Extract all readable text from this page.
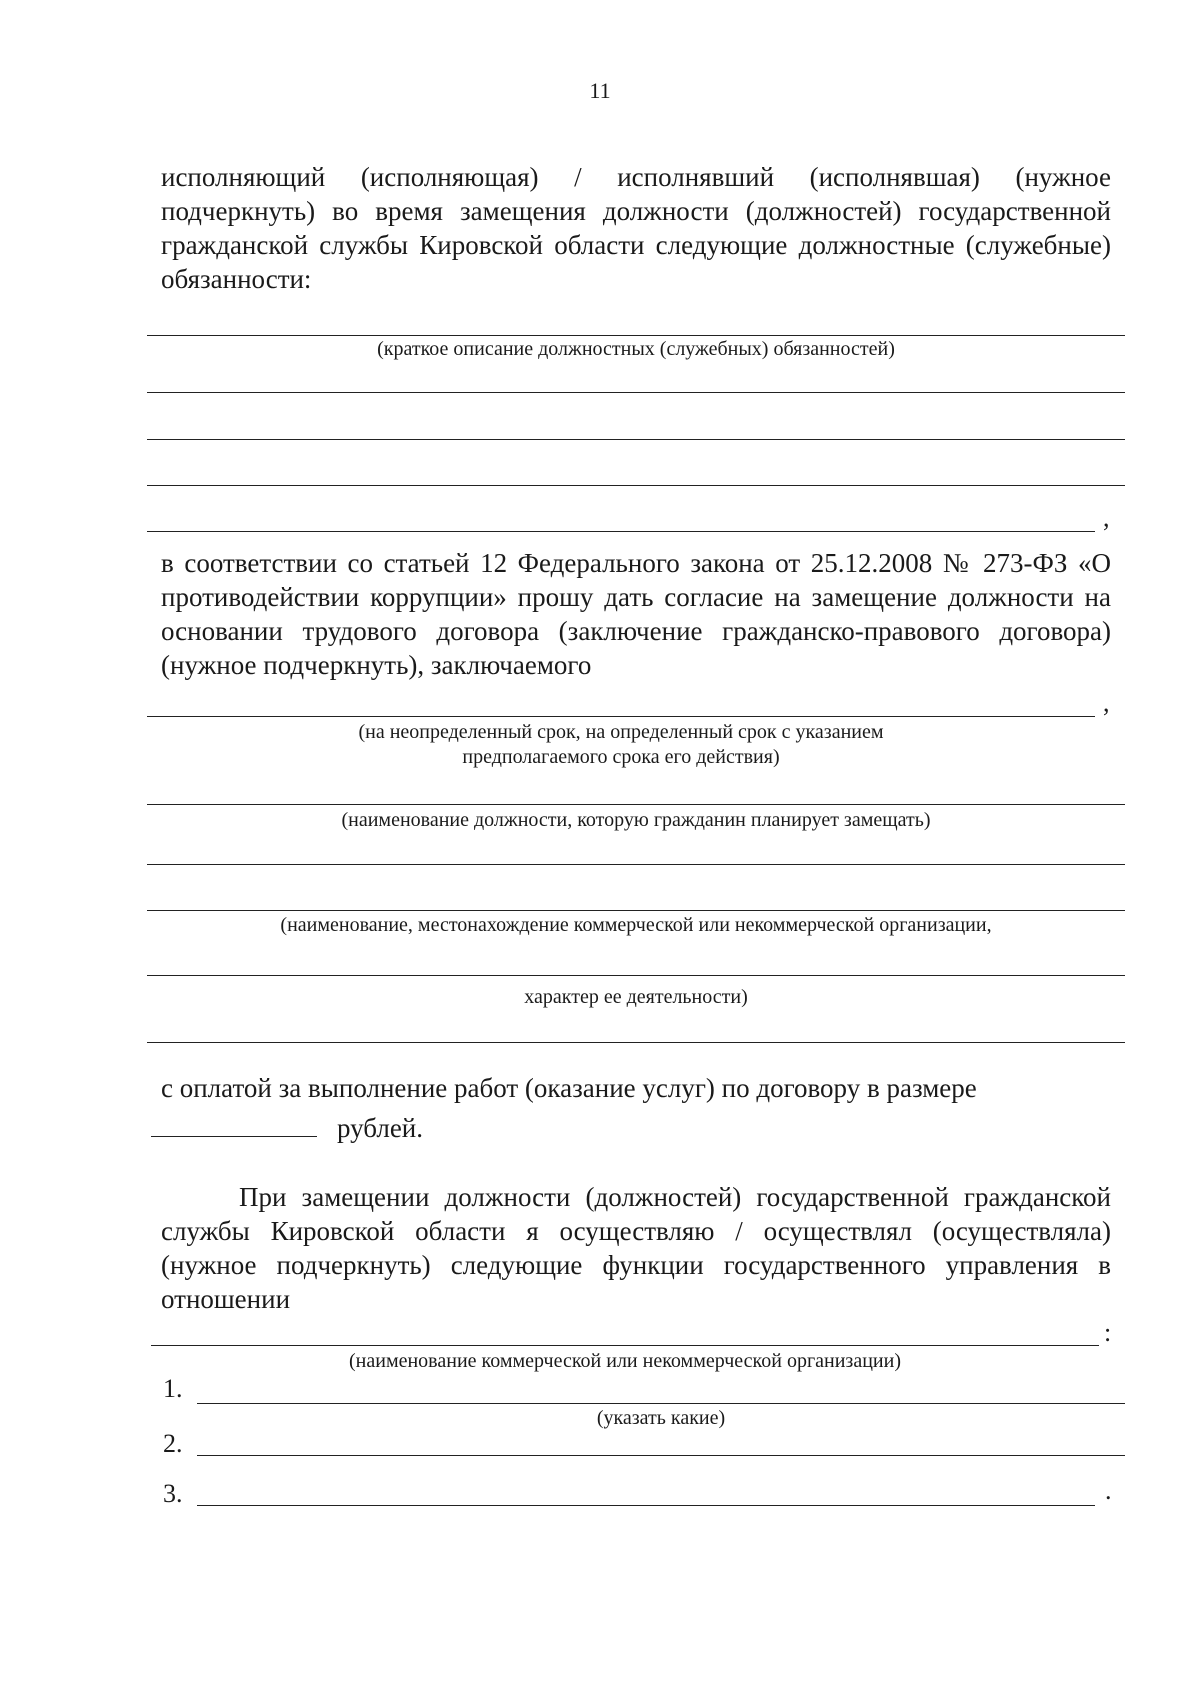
11
исполняющий (исполняющая) / исполнявший (исполнявшая) (нужное подчеркнуть) во время замещения должности (должностей) государственной гражданской службы Кировской области следующие должностные (служебные) обязанности:
(краткое описание должностных (служебных) обязанностей)
,
в соответствии со статьей 12 Федерального закона от 25.12.2008 № 273-ФЗ «О противодействии коррупции» прошу дать согласие на замещение должности на основании трудового договора (заключение гражданско-правового договора) (нужное подчеркнуть), заключаемого
,
(на неопределенный срок, на определенный срок с указанием
предполагаемого срока его действия)
(наименование должности, которую гражданин планирует замещать)
(наименование, местонахождение коммерческой или некоммерческой организации,
характер ее деятельности)
с оплатой за выполнение работ (оказание услуг) по договору в размере
рублей.
При замещении должности (должностей) государственной гражданской службы Кировской области я осуществляю / осуществлял (осуществляла) (нужное подчеркнуть) следующие функции государственного управления в отношении
:
(наименование коммерческой или некоммерческой организации)
1.
(указать какие)
2.
3.	.
